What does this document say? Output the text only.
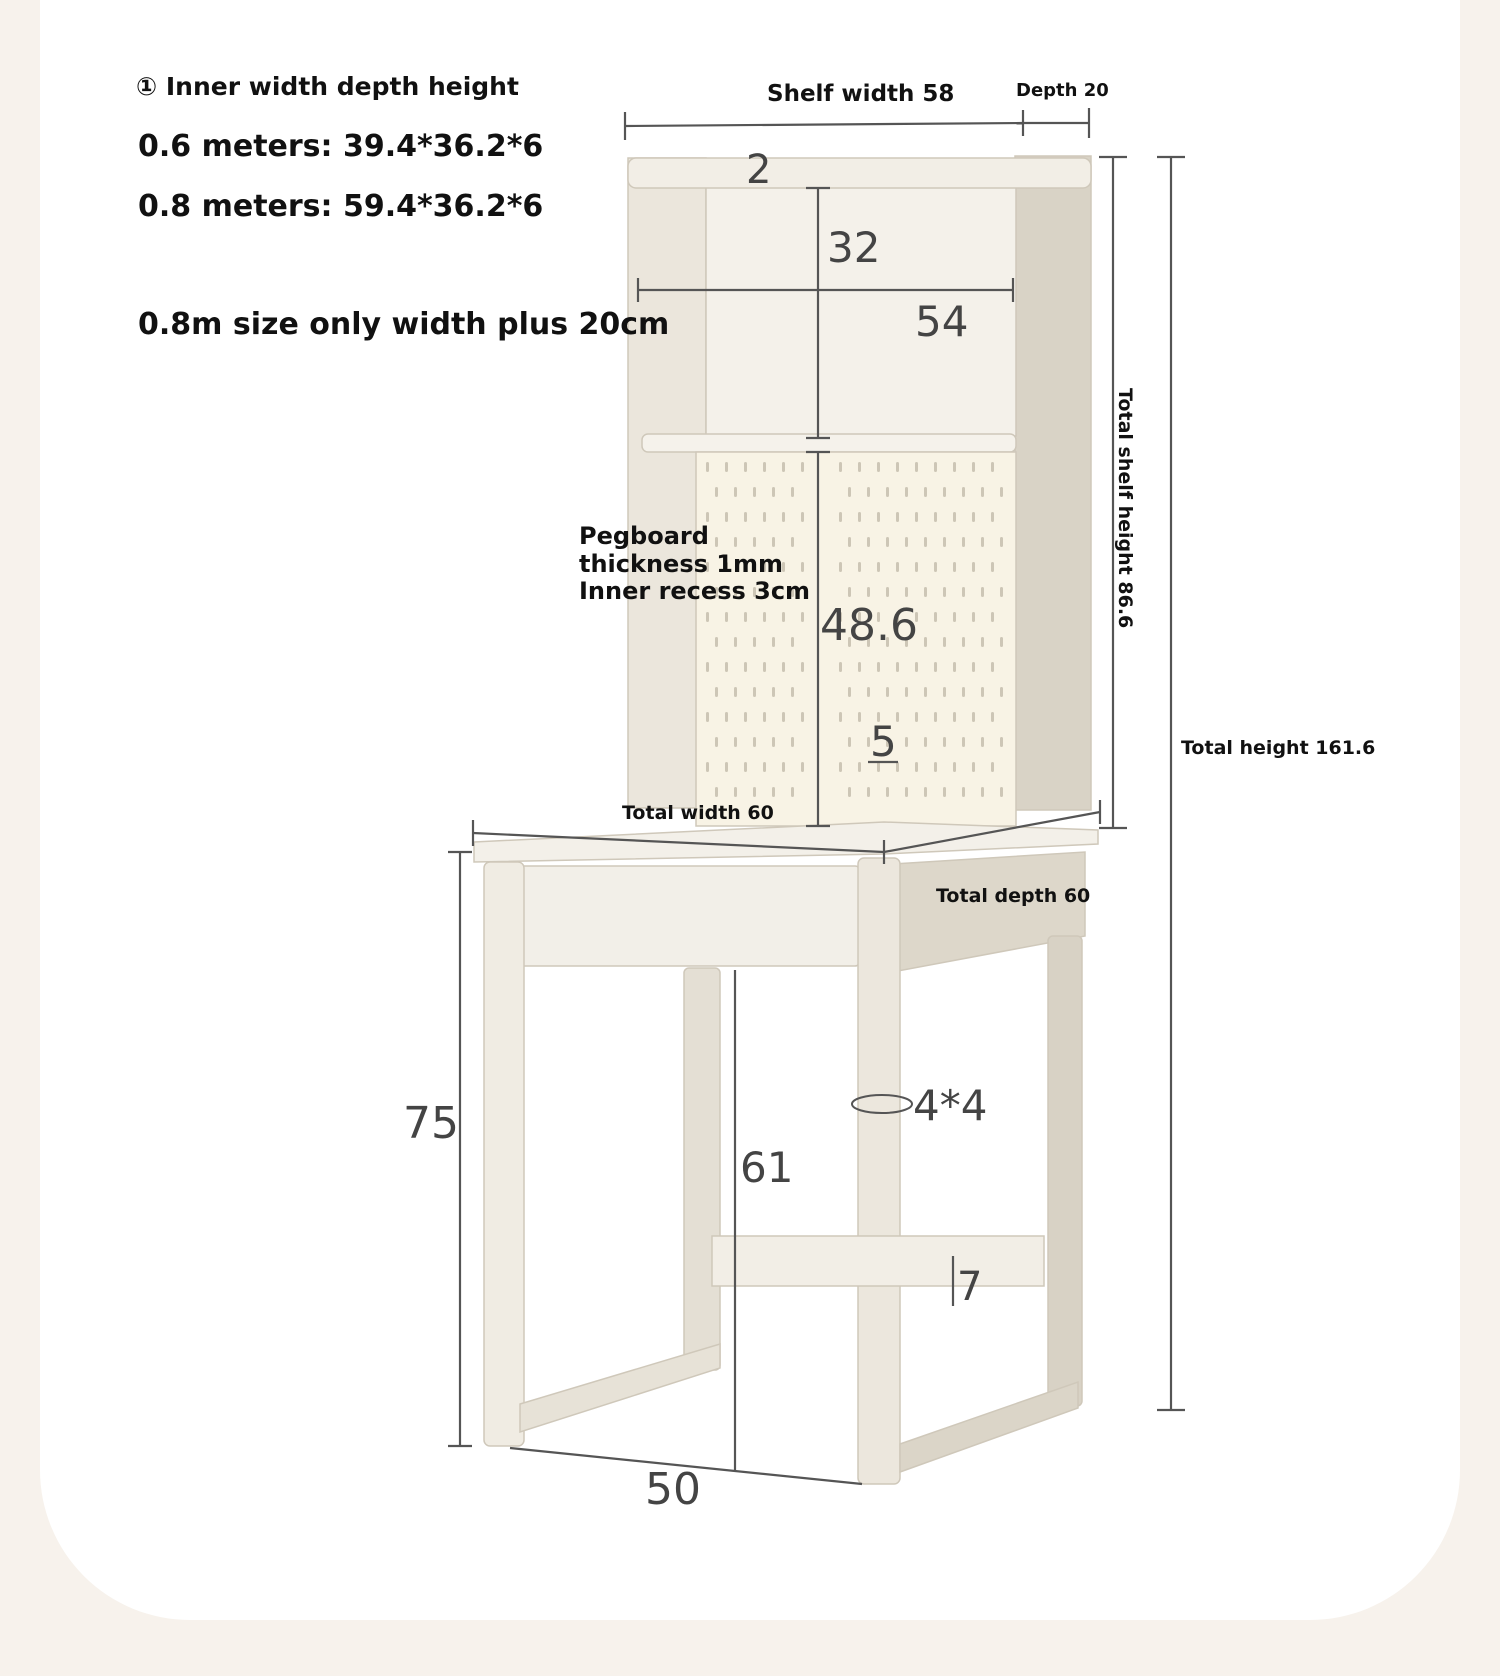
2
32
54
48.6
5
75
61
4*4
7
50
Shelf width 58	Depth 20
Total shelf height 86.6
Total height 161.6
Pegboard
thickness 1mm
Inner recess 3cm
Total width 60
Total depth 60
① Inner width depth height
0.6 meters: 39.4*36.2*6
0.8 meters: 59.4*36.2*6
0.8m size only width plus 20cm
